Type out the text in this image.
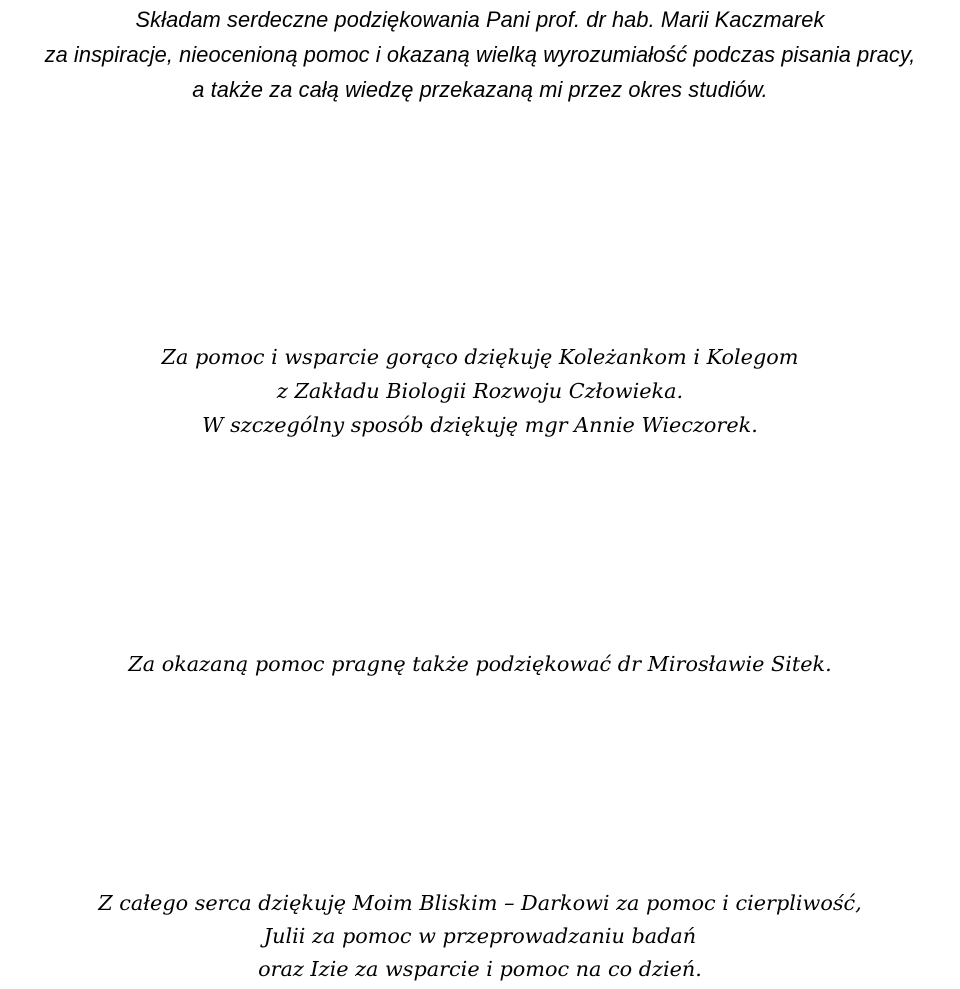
Składam serdeczne podziękowania Pani prof. dr hab. Marii Kaczmarek
za inspiracje, nieocenioną pomoc i okazaną wielką wyrozumiałość podczas pisania pracy,
a także za całą wiedzę przekazaną mi przez okres studiów.
Za pomoc i wsparcie gorąco dziękuję Koleżankom i Kolegom
z Zakładu Biologii Rozwoju Człowieka.
W szczególny sposób dziękuję mgr Annie Wieczorek.
Za okazaną pomoc pragnę także podziękować dr Mirosławie Sitek.
Z całego serca dziękuję Moim Bliskim – Darkowi za pomoc i cierpliwość,
Julii za pomoc w przeprowadzaniu badań
oraz Izie za wsparcie i pomoc na co dzień.
